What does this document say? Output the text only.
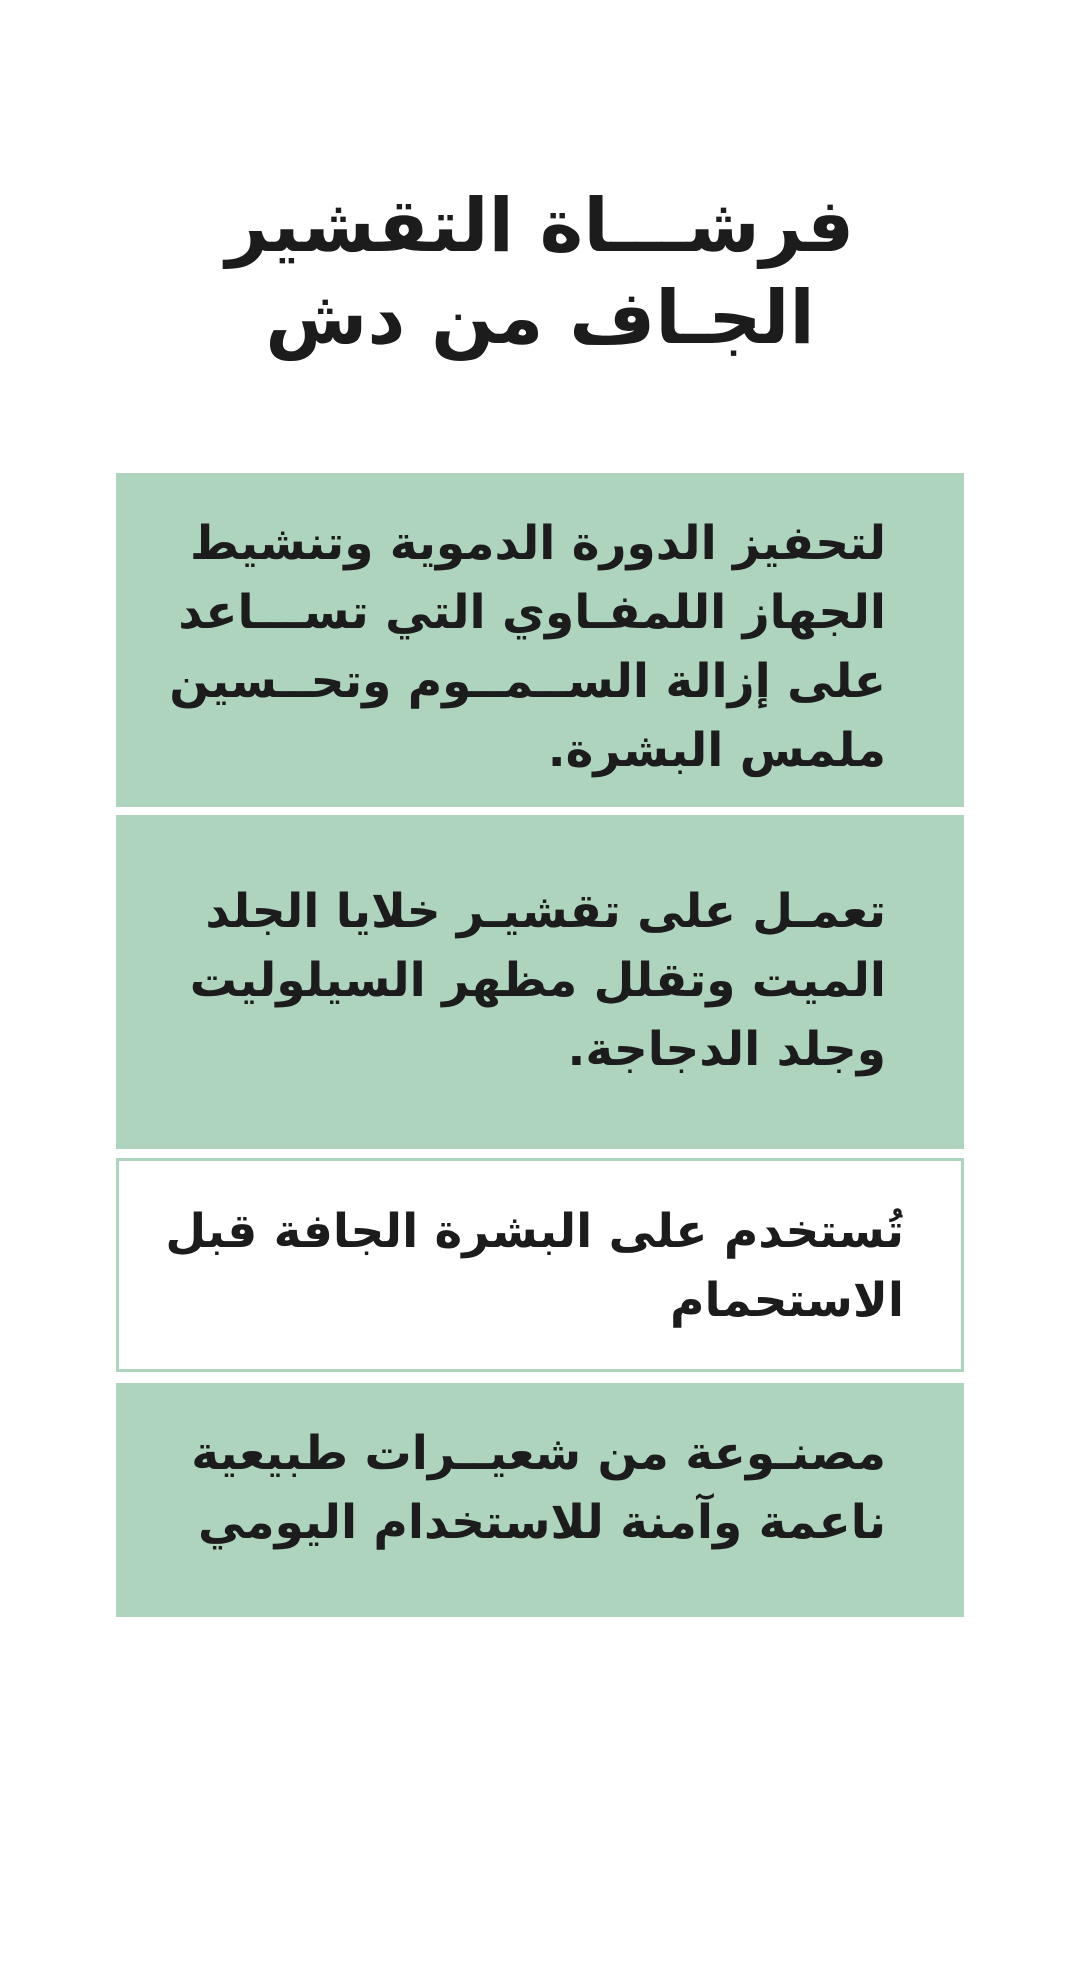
فرشـــاة التقشير
الجـاف من دش
لتحفيز الدورة الدموية وتنشيط
الجهاز اللمفـاوي التي تســـاعد
على إزالة الســمــوم وتحــسين
ملمس البشرة.
تعمـل على تقشيـر خلايا الجلد
الميت وتقلل مظهر السيلوليت
وجلد الدجاجة.
تُستخدم على البشرة الجافة قبل
الاستحمام
مصنـوعة من شعيــرات طبيعية
ناعمة وآمنة للاستخدام اليومي
